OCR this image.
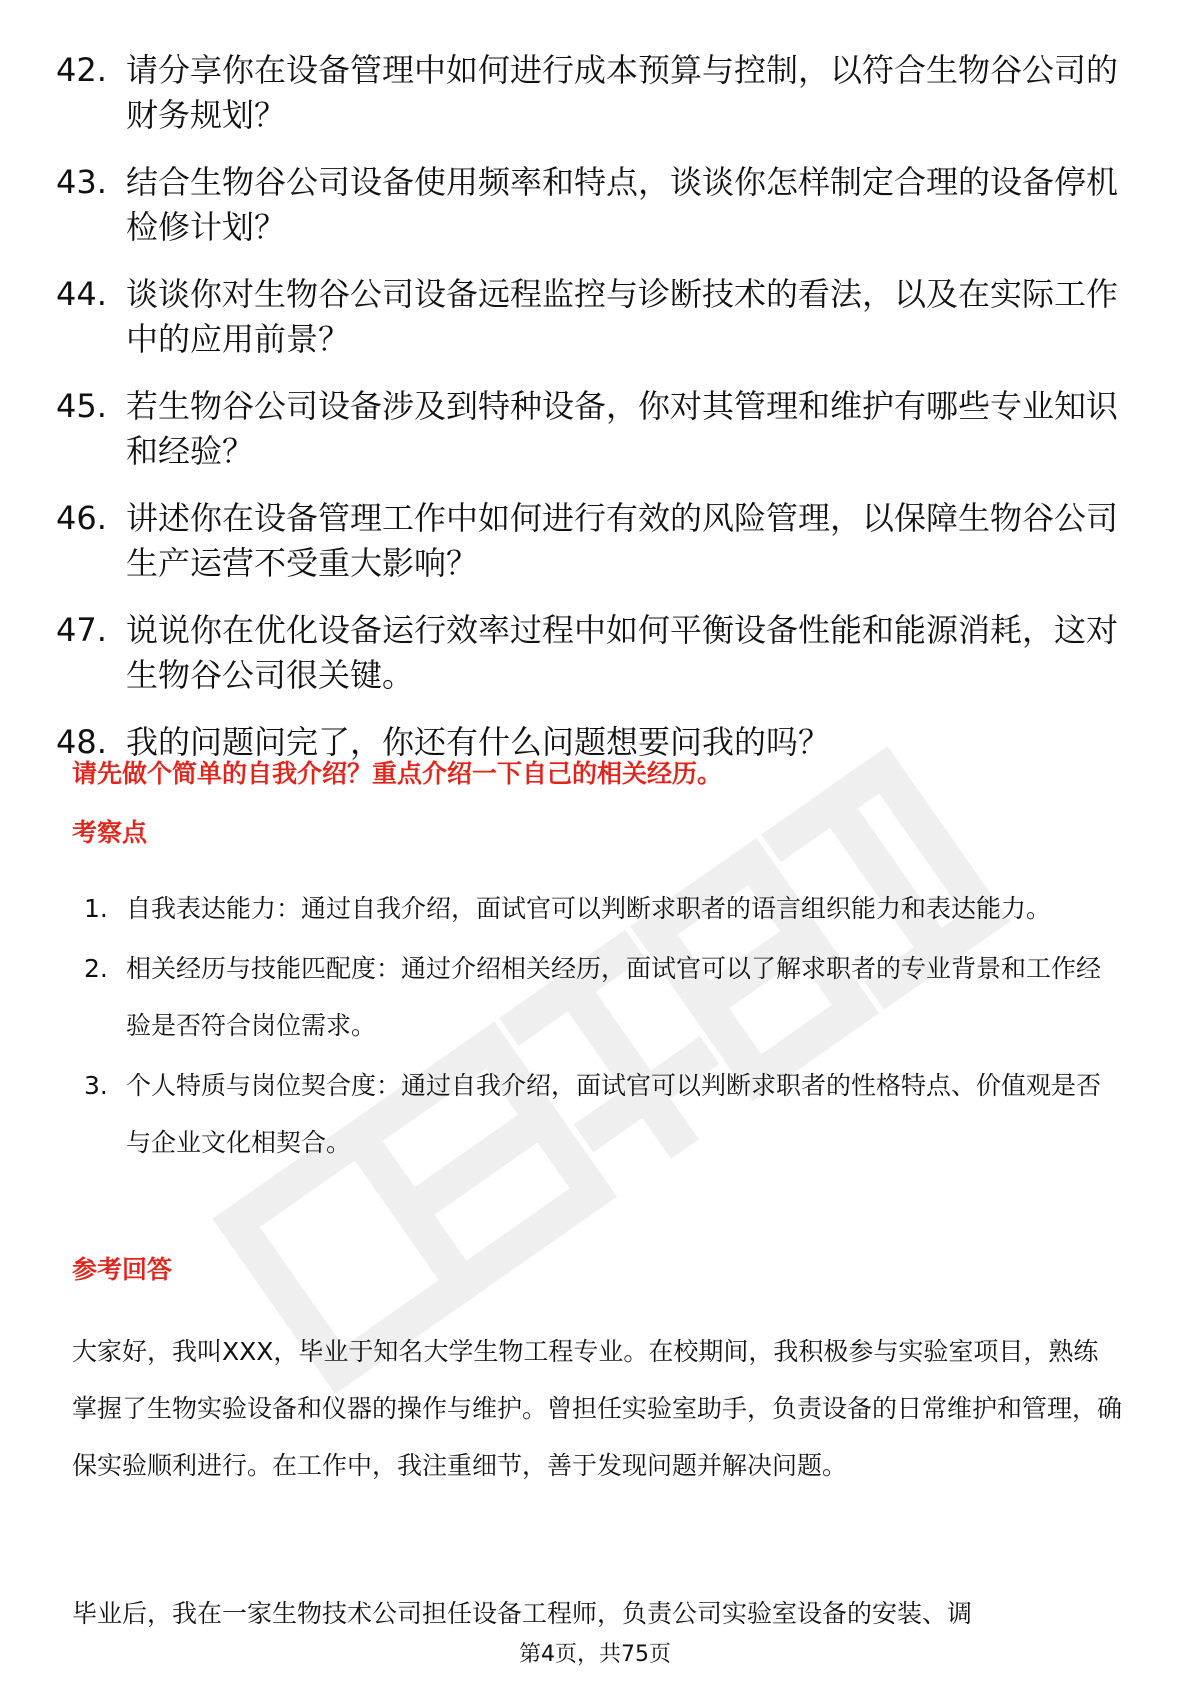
42. 请分享你在设备管理中如何进行成本预算与控制，以符合生物谷公司的财务规划？
43. 结合生物谷公司设备使用频率和特点，谈谈你怎样制定合理的设备停机检修计划？
44. 谈谈你对生物谷公司设备远程监控与诊断技术的看法，以及在实际工作中的应用前景？
45. 若生物谷公司设备涉及到特种设备，你对其管理和维护有哪些专业知识和经验？
46. 讲述你在设备管理工作中如何进行有效的风险管理，以保障生物谷公司生产运营不受重大影响？
47. 说说你在优化设备运行效率过程中如何平衡设备性能和能源消耗，这对生物谷公司很关键。
48. 我的问题问完了，你还有什么问题想要问我的吗？
请先做个简单的自我介绍？重点介绍一下自己的相关经历。
考察点
1. 自我表达能力：通过自我介绍，面试官可以判断求职者的语言组织能力和表达能力。
2. 相关经历与技能匹配度：通过介绍相关经历，面试官可以了解求职者的专业背景和工作经验是否符合岗位需求。
3. 个人特质与岗位契合度：通过自我介绍，面试官可以判断求职者的性格特点、价值观是否与企业文化相契合。
参考回答

大家好，我叫XXX，毕业于知名大学生物工程专业。在校期间，我积极参与实验室项目，熟练掌握了生物实验设备和仪器的操作与维护。曾担任实验室助手，负责设备的日常维护和管理，确保实验顺利进行。在工作中，我注重细节，善于发现问题并解决问题。

毕业后，我在一家生物技术公司担任设备工程师，负责公司实验室设备的安装、调

第4页，共75页
